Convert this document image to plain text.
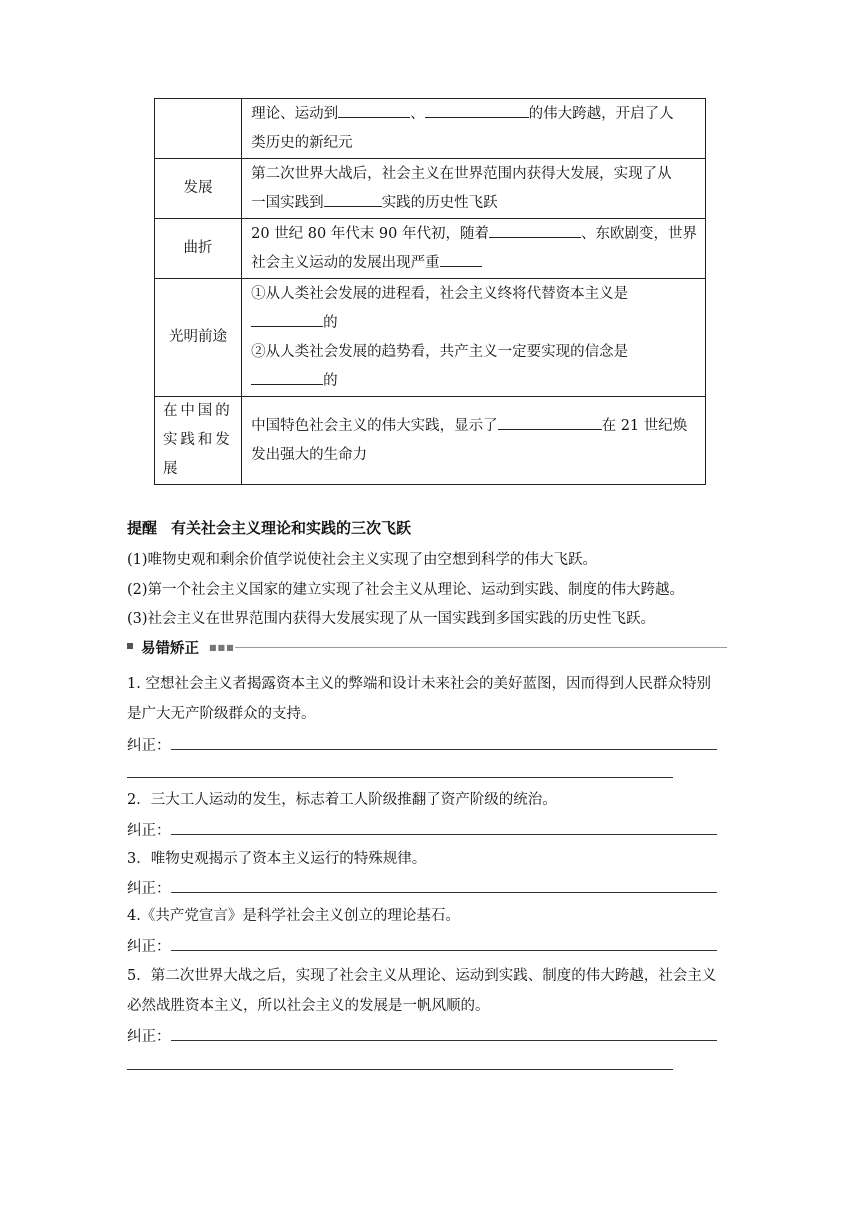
	理论、运动到 、 的伟大跨越，开启了人
类历史的新纪元

发展	第二次世界大战后，社会主义在世界范围内获得大发展，实现了从
一国实践到 实践的历史性飞跃

曲折	20 世纪 80 年代末 90 年代初，随着 、东欧剧变，世界
社会主义运动的发展出现严重

光明前途	①从人类社会发展的进程看，社会主义终将代替资本主义是
的
②从人类社会发展的趋势看，共产主义一定要实现的信念是
的

在中国的
实践和发
展	中国特色社会主义的伟大实践，显示了 在 21 世纪焕
发出强大的生命力
提醒 有关社会主义理论和实践的三次飞跃
(1)唯物史观和剩余价值学说使社会主义实现了由空想到科学的伟大飞跃。
(2)第一个社会主义国家的建立实现了社会主义从理论、运动到实践、制度的伟大跨越。
(3)社会主义在世界范围内获得大发展实现了从一国实践到多国实践的历史性飞跃。
易错矫正 ■■■
1. 空想社会主义者揭露资本主义的弊端和设计未来社会的美好蓝图，因而得到人民群众特别
是广大无产阶级群众的支持。
纠正：
2．三大工人运动的发生，标志着工人阶级推翻了资产阶级的统治。
纠正：
3．唯物史观揭示了资本主义运行的特殊规律。
纠正：
4.《共产党宣言》是科学社会主义创立的理论基石。
纠正：
5．第二次世界大战之后，实现了社会主义从理论、运动到实践、制度的伟大跨越，社会主义
必然战胜资本主义，所以社会主义的发展是一帆风顺的。
纠正：
